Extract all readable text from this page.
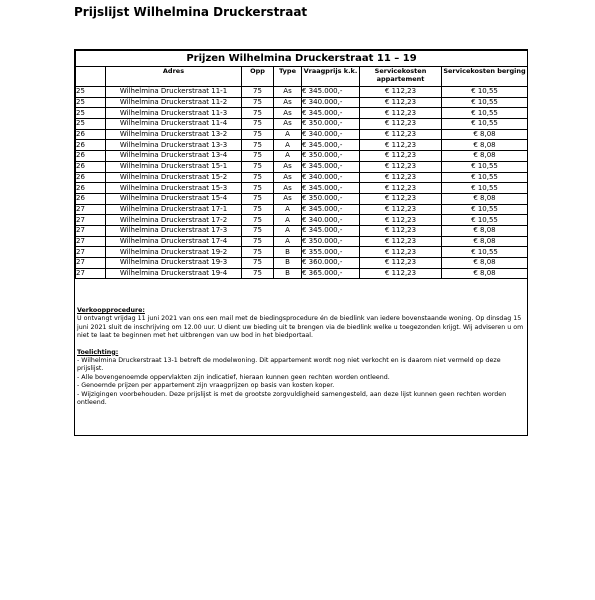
Prijslijst Wilhelmina Druckerstraat
Prijzen Wilhelmina Druckerstraat 11 – 19						
	Adres	Opp	Type	Vraagprijs k.k.	Servicekosten appartement	Servicekosten berging
25	Wilhelmina Druckerstraat 11-1	75	As	€ 345.000,-	€ 112,23	€ 10,55
25	Wilhelmina Druckerstraat 11-2	75	As	€ 340.000,-	€ 112,23	€ 10,55
25	Wilhelmina Druckerstraat 11-3	75	As	€ 345.000,-	€ 112,23	€ 10,55
25	Wilhelmina Druckerstraat 11-4	75	As	€ 350.000,-	€ 112,23	€ 10,55
26	Wilhelmina Druckerstraat 13-2	75	A	€ 340.000,-	€ 112,23	€ 8,08
26	Wilhelmina Druckerstraat 13-3	75	A	€ 345.000,-	€ 112,23	€ 8,08
26	Wilhelmina Druckerstraat 13-4	75	A	€ 350.000,-	€ 112,23	€ 8,08
26	Wilhelmina Druckerstraat 15-1	75	As	€ 345.000,-	€ 112,23	€ 10,55
26	Wilhelmina Druckerstraat 15-2	75	As	€ 340.000,-	€ 112,23	€ 10,55
26	Wilhelmina Druckerstraat 15-3	75	As	€ 345.000,-	€ 112,23	€ 10,55
26	Wilhelmina Druckerstraat 15-4	75	As	€ 350.000,-	€ 112,23	€ 8,08
27	Wilhelmina Druckerstraat 17-1	75	A	€ 345.000,-	€ 112,23	€ 10,55
27	Wilhelmina Druckerstraat 17-2	75	A	€ 340.000,-	€ 112,23	€ 10,55
27	Wilhelmina Druckerstraat 17-3	75	A	€ 345.000,-	€ 112,23	€ 8,08
27	Wilhelmina Druckerstraat 17-4	75	A	€ 350.000,-	€ 112,23	€ 8,08
27	Wilhelmina Druckerstraat 19-2	75	B	€ 355.000,-	€ 112,23	€ 10,55
27	Wilhelmina Druckerstraat 19-3	75	B	€ 360.000,-	€ 112,23	€ 8,08
27	Wilhelmina Druckerstraat 19-4	75	B	€ 365.000,-	€ 112,23	€ 8,08

Verkoopprocedure:

U ontvangt vrijdag 11 juni 2021 van ons een mail met de biedingsprocedure én de biedlink van iedere bovenstaande woning. Op dinsdag 15 juni 2021 sluit de inschrijving om 12.00 uur. U dient uw bieding uit te brengen via de biedlink welke u toegezonden krijgt. Wij adviseren u om niet te laat te beginnen met het uitbrengen van uw bod in het biedportaal.

Toelichting:

- Wilhelmina Druckerstraat 13-1 betreft de modelwoning. Dit appartement wordt nog niet verkocht en is daarom niet vermeld op deze prijslijst.

- Alle bovengenoemde oppervlakten zijn indicatief, hieraan kunnen geen rechten worden ontleend.

- Genoemde prijzen per appartement zijn vraagprijzen op basis van kosten koper.

- Wijzigingen voorbehouden. Deze prijslijst is met de grootste zorgvuldigheid samengesteld, aan deze lijst kunnen geen rechten worden ontleend.
